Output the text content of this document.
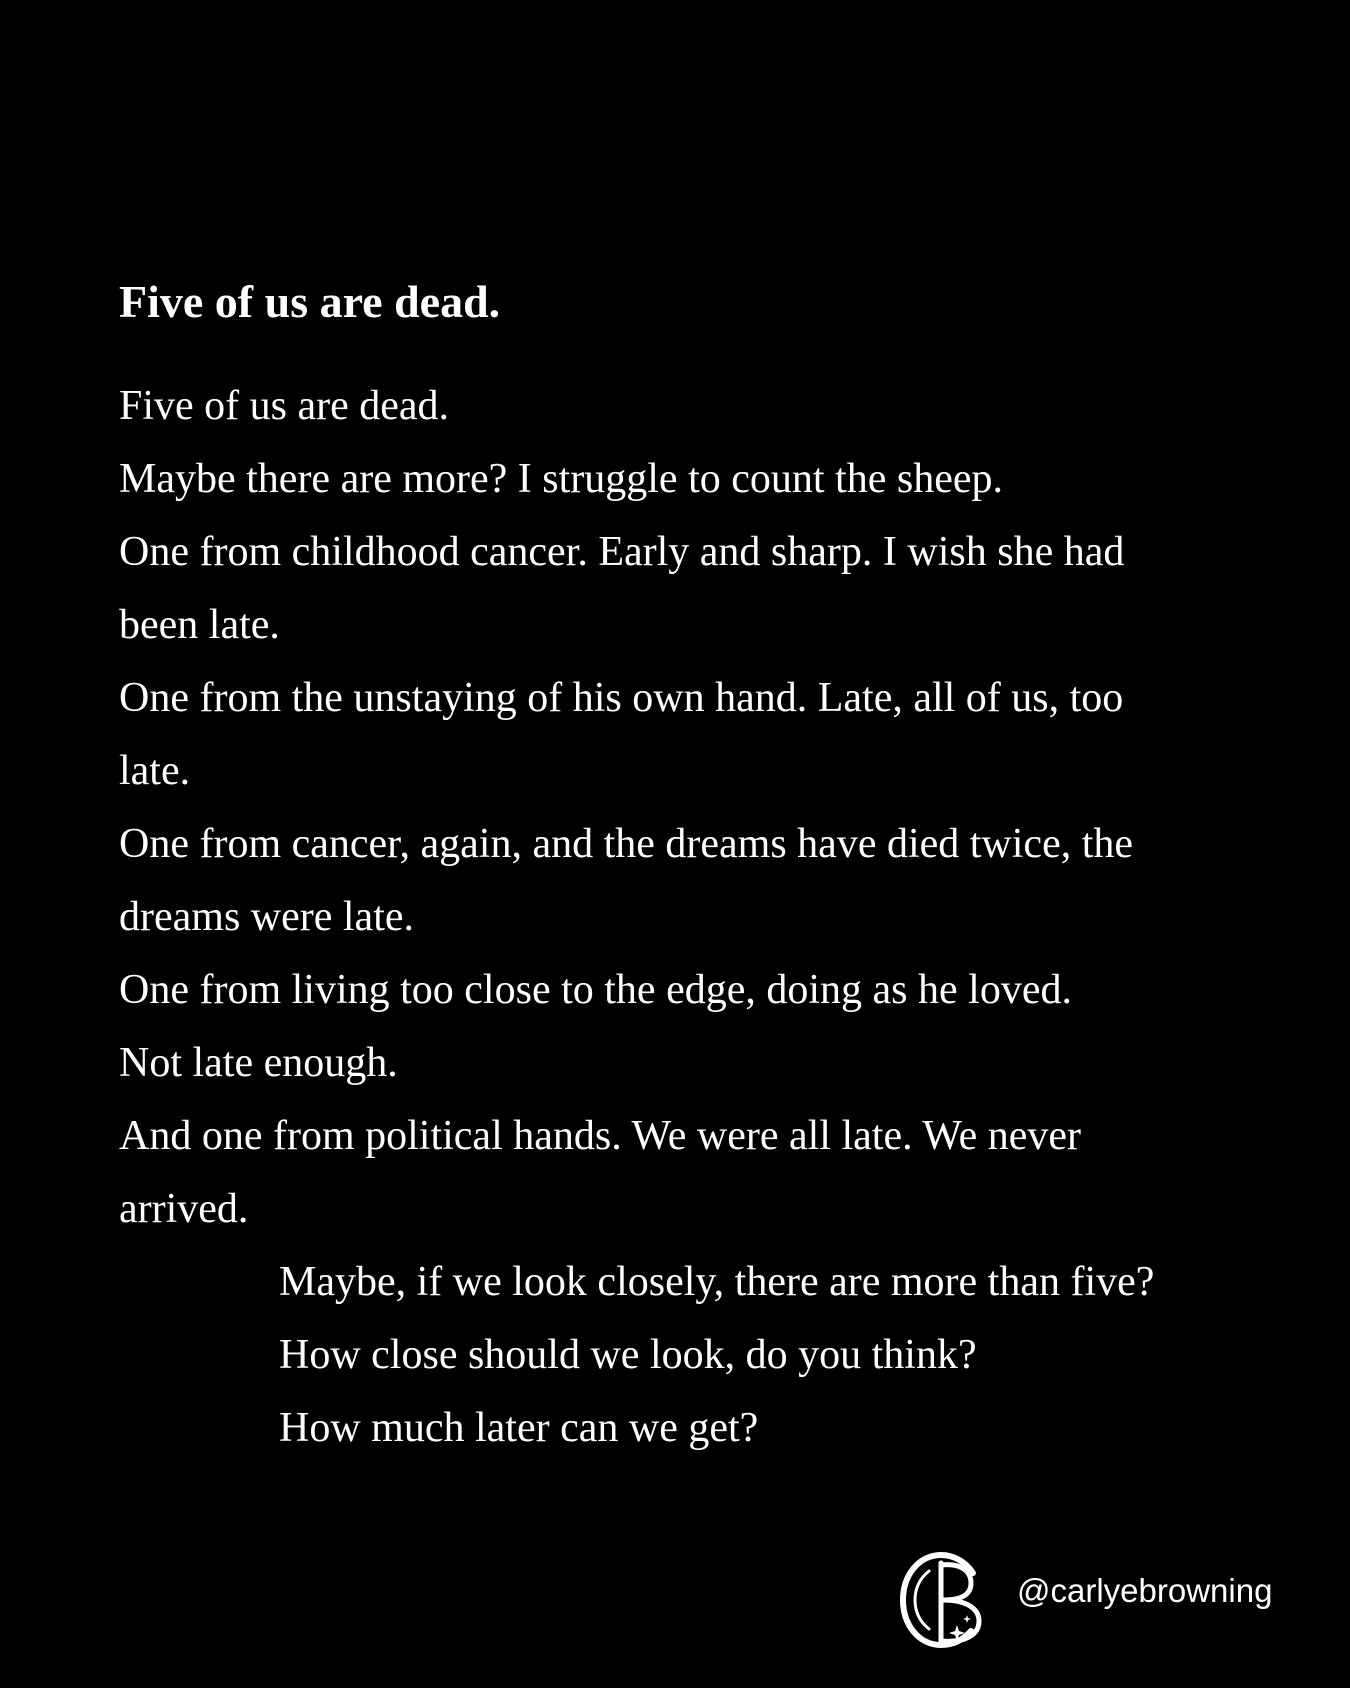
Five of us are dead.
Five of us are dead.
Maybe there are more? I struggle to count the sheep.
One from childhood cancer. Early and sharp. I wish she had
been late.
One from the unstaying of his own hand. Late, all of us, too
late.
One from cancer, again, and the dreams have died twice, the
dreams were late.
One from living too close to the edge, doing as he loved.
Not late enough.
And one from political hands. We were all late. We never
arrived.
Maybe, if we look closely, there are more than five?
How close should we look, do you think?
How much later can we get?
@carlyebrowning
